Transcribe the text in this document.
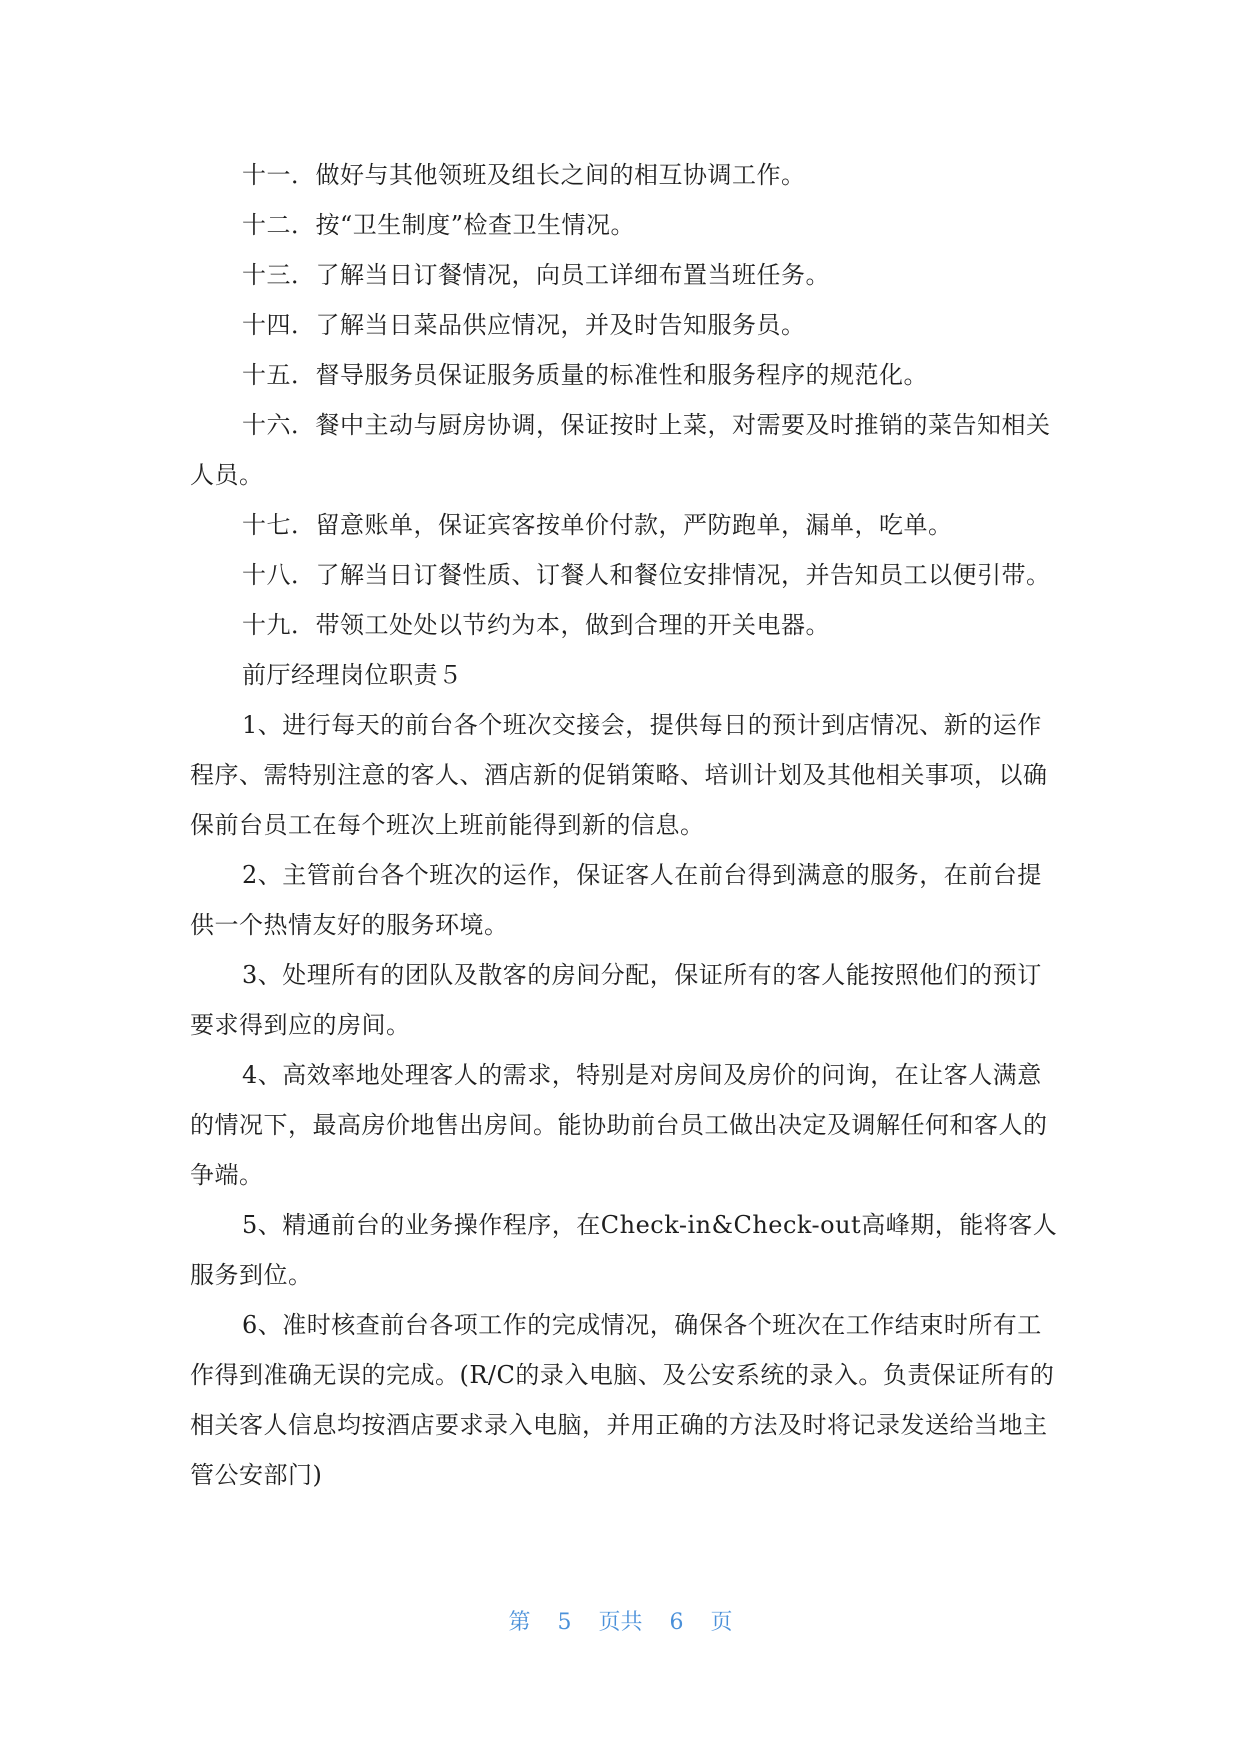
十一．做好与其他领班及组长之间的相互协调工作。

十二．按“卫生制度”检查卫生情况。

十三．了解当日订餐情况，向员工详细布置当班任务。

十四．了解当日菜品供应情况，并及时告知服务员。

十五．督导服务员保证服务质量的标准性和服务程序的规范化。

十六．餐中主动与厨房协调，保证按时上菜，对需要及时推销的菜告知相关人员。

十七．留意账单，保证宾客按单价付款，严防跑单，漏单，吃单。

十八．了解当日订餐性质、订餐人和餐位安排情况，并告知员工以便引带。

十九．带领工处处以节约为本，做到合理的开关电器。

前厅经理岗位职责５

1、进行每天的前台各个班次交接会，提供每日的预计到店情况、新的运作程序、需特别注意的客人、酒店新的促销策略、培训计划及其他相关事项，以确保前台员工在每个班次上班前能得到新的信息。

2、主管前台各个班次的运作，保证客人在前台得到满意的服务，在前台提供一个热情友好的服务环境。

3、处理所有的团队及散客的房间分配，保证所有的客人能按照他们的预订要求得到应的房间。

4、高效率地处理客人的需求，特别是对房间及房价的问询，在让客人满意的情况下，最高房价地售出房间。能协助前台员工做出决定及调解任何和客人的争端。

5、精通前台的业务操作程序，在Check-in&Check-out高峰期，能将客人服务到位。

6、准时核查前台各项工作的完成情况，确保各个班次在工作结束时所有工作得到准确无误的完成。(R/C的录入电脑、及公安系统的录入。负责保证所有的相关客人信息均按酒店要求录入电脑，并用正确的方法及时将记录发送给当地主管公安部门)

第 5 页共 6 页
